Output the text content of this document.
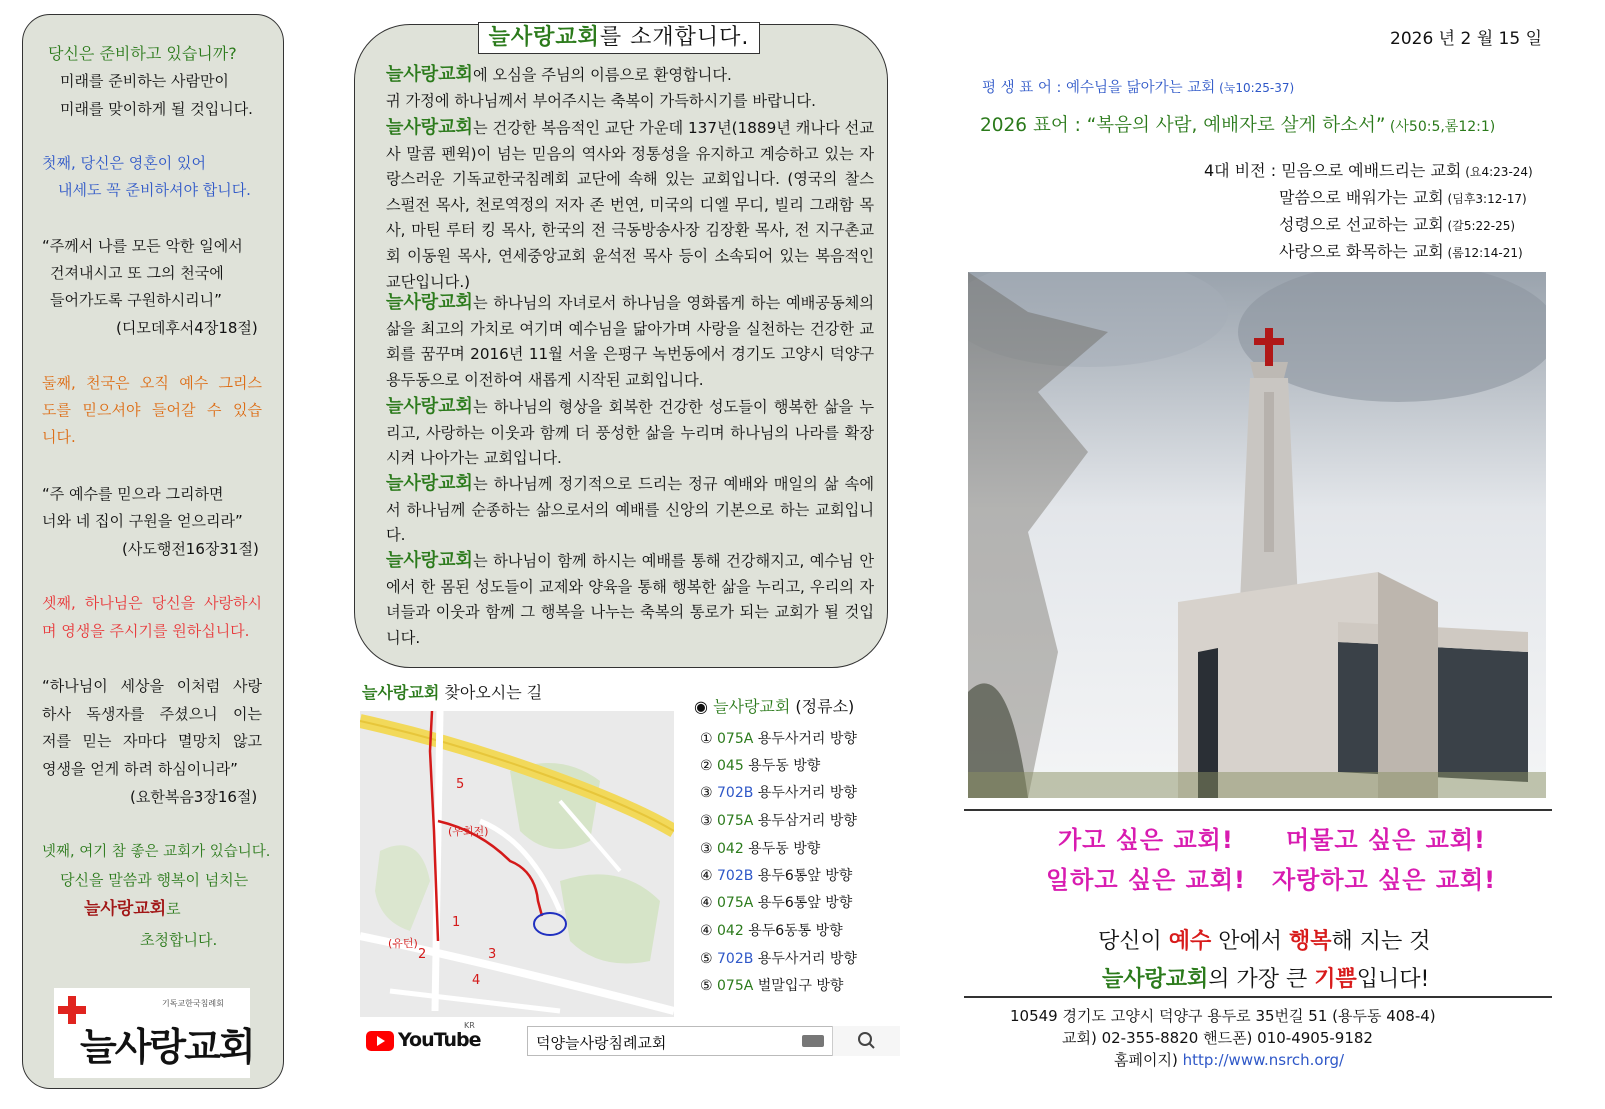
당신은 준비하고 있습니까?
미래를 준비하는 사람만이
미래를 맞이하게 될 것입니다.
첫째, 당신은 영혼이 있어
내세도 꼭 준비하셔야 합니다.
“주께서 나를 모든 악한 일에서
건져내시고 또 그의 천국에
들어가도록 구원하시리니”
(디모데후서4장18절)
둘째, 천국은 오직 예수 그리스
도를 믿으셔야 들어갈 수 있습
니다.
“주 예수를 믿으라 그리하면
너와 네 집이 구원을 얻으리라”
(사도행전16장31절)
셋째, 하나님은 당신을 사랑하시
며 영생을 주시기를 원하십니다.
“하나님이 세상을 이처럼 사랑
하사 독생자를 주셨으니 이는
저를 믿는 자마다 멸망치 않고
영생을 얻게 하려 하심이니라”
(요한복음3장16절)
넷째, 여기 참 좋은 교회가 있습니다.
당신을 말씀과 행복이 넘치는
늘사랑교회로
초청합니다.
기독교한국침례회
늘사랑교회
늘사랑교회를 소개합니다.
늘사랑교회에 오심을 주님의 이름으로 환영합니다.
귀 가정에 하나님께서 부어주시는 축복이 가득하시기를 바랍니다.
늘사랑교회는 건강한 복음적인 교단 가운데 137년(1889년 캐나다 선교사 말콤 펜윅)이 넘는 믿음의 역사와 정통성을 유지하고 계승하고 있는 자랑스러운 기독교한국침례회 교단에 속해 있는 교회입니다. (영국의 찰스 스펄전 목사, 천로역정의 저자 존 번연, 미국의 디엘 무디, 빌리 그래함 목사, 마틴 루터 킹 목사, 한국의 전 극동방송사장 김장환 목사, 전 지구촌교회 이동원 목사, 연세중앙교회 윤석전 목사 등이 소속되어 있는 복음적인 교단입니다.)
늘사랑교회는 하나님의 자녀로서 하나님을 영화롭게 하는 예배공동체의 삶을 최고의 가치로 여기며 예수님을 닮아가며 사랑을 실천하는 건강한 교회를 꿈꾸며 2016년 11월 서울 은평구 녹번동에서 경기도 고양시 덕양구 용두동으로 이전하여 새롭게 시작된 교회입니다.
늘사랑교회는 하나님의 형상을 회복한 건강한 성도들이 행복한 삶을 누리고, 사랑하는 이웃과 함께 더 풍성한 삶을 누리며 하나님의 나라를 확장시켜 나아가는 교회입니다.
늘사랑교회는 하나님께 정기적으로 드리는 정규 예배와 매일의 삶 속에서 하나님께 순종하는 삶으로서의 예배를 신앙의 기본으로 하는 교회입니다.
늘사랑교회는 하나님이 함께 하시는 예배를 통해 건강해지고, 예수님 안에서 한 몸된 성도들이 교제와 양육을 통해 행복한 삶을 누리고, 우리의 자녀들과 이웃과 함께 그 행복을 나누는 축복의 통로가 되는 교회가 될 것입니다.
늘사랑교회 찾아오시는 길
(우회전)
(유턴)
1
2	3
4
5
◉ 늘사랑교회 (정류소)
① 075A 용두사거리 방향
② 045 용두동 방향
③ 702B 용두사거리 방향
③ 075A 용두삼거리 방향
③ 042 용두동 방향
④ 702B 용두6통앞 방향
④ 075A 용두6통앞 방향
④ 042 용두6동통 방향
⑤ 702B 용두사거리 방향
⑤ 075A 벌말입구 방향
YouTube
KR
덕양늘사랑침례교회
2026 년 2 월 15 일
평 생 표 어 : 예수님을 닮아가는 교회 (눅10:25-37)
2026 표어 : “복음의 사람, 예배자로 살게 하소서” (사50:5,롬12:1)
4대 비전 : 믿음으로 예배드리는 교회 (요4:23-24)
말씀으로 배워가는 교회 (딤후3:12-17)
성령으로 선교하는 교회 (갈5:22-25)
사랑으로 화목하는 교회 (롬12:14-21)
가고 싶은 교회! 머물고 싶은 교회!
일하고 싶은 교회! 자랑하고 싶은 교회!
당신이 예수 안에서 행복해 지는 것
늘사랑교회의 가장 큰 기쁨입니다!
10549 경기도 고양시 덕양구 용두로 35번길 51 (용두동 408-4)
교회) 02-355-8820 핸드폰) 010-4905-9182
홈페이지) http://www.nsrch.org/
